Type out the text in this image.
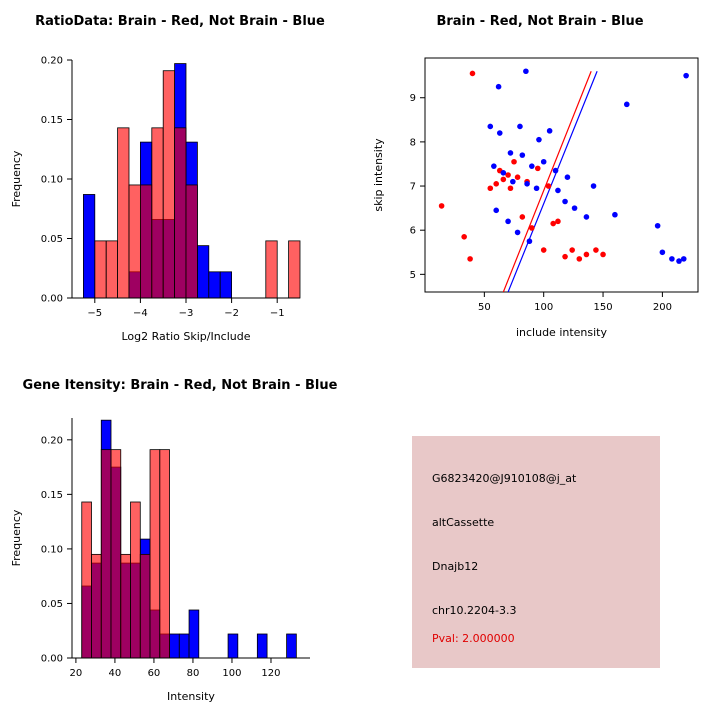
RatioData: Brain - Red, Not Brain - Blue
−5	−4	−3	−2	−1
0.00
0.05
0.10
0.15
0.20
Log2 Ratio Skip/Include
Frequency
Brain - Red, Not Brain - Blue
50	100	150	200
5
6
7
8
9
include intensity
skip intensity
Gene Itensity: Brain - Red, Not Brain - Blue
20	40	60	80 100 120
0.00
0.05
0.10
0.15
0.20
Intensity
Frequency
G6823420@J910108@j_at
altCassette
Dnajb12
chr10.2204-3.3
Pval: 2.000000
